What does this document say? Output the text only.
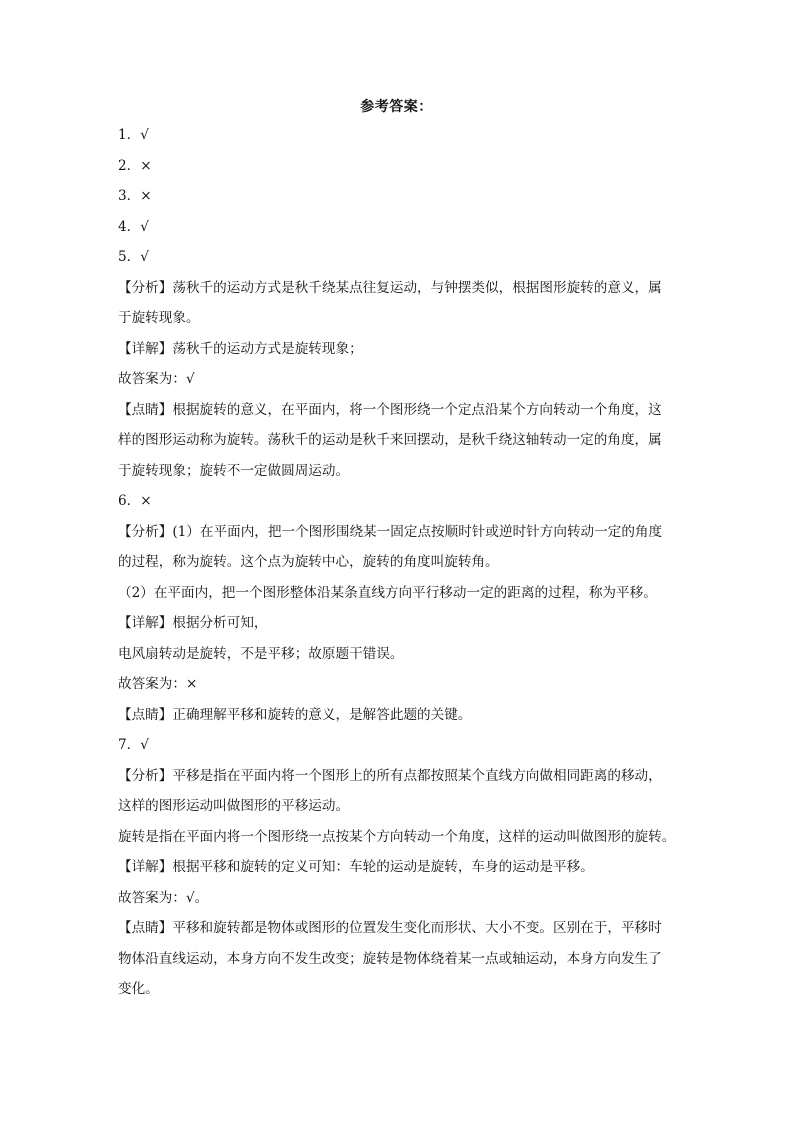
参考答案：
1．√
2．×
3．×
4．√
5．√
【分析】荡秋千的运动方式是秋千绕某点往复运动，与钟摆类似，根据图形旋转的意义，属
于旋转现象。
【详解】荡秋千的运动方式是旋转现象；
故答案为：√
【点睛】根据旋转的意义，在平面内，将一个图形绕一个定点沿某个方向转动一个角度，这
样的图形运动称为旋转。荡秋千的运动是秋千来回摆动，是秋千绕这轴转动一定的角度，属
于旋转现象；旋转不一定做圆周运动。
6．×
【分析】(1）在平面内，把一个图形围绕某一固定点按顺时针或逆时针方向转动一定的角度
的过程，称为旋转。这个点为旋转中心，旋转的角度叫旋转角。
（2）在平面内，把一个图形整体沿某条直线方向平行移动一定的距离的过程，称为平移。
【详解】根据分析可知，
电风扇转动是旋转，不是平移；故原题干错误。
故答案为：×
【点睛】正确理解平移和旋转的意义，是解答此题的关键。
7．√
【分析】平移是指在平面内将一个图形上的所有点都按照某个直线方向做相同距离的移动，
这样的图形运动叫做图形的平移运动。
旋转是指在平面内将一个图形绕一点按某个方向转动一个角度，这样的运动叫做图形的旋转。
【详解】根据平移和旋转的定义可知：车轮的运动是旋转，车身的运动是平移。
故答案为：√。
【点睛】平移和旋转都是物体或图形的位置发生变化而形状、大小不变。区别在于，平移时
物体沿直线运动，本身方向不发生改变；旋转是物体绕着某一点或轴运动，本身方向发生了
变化。
